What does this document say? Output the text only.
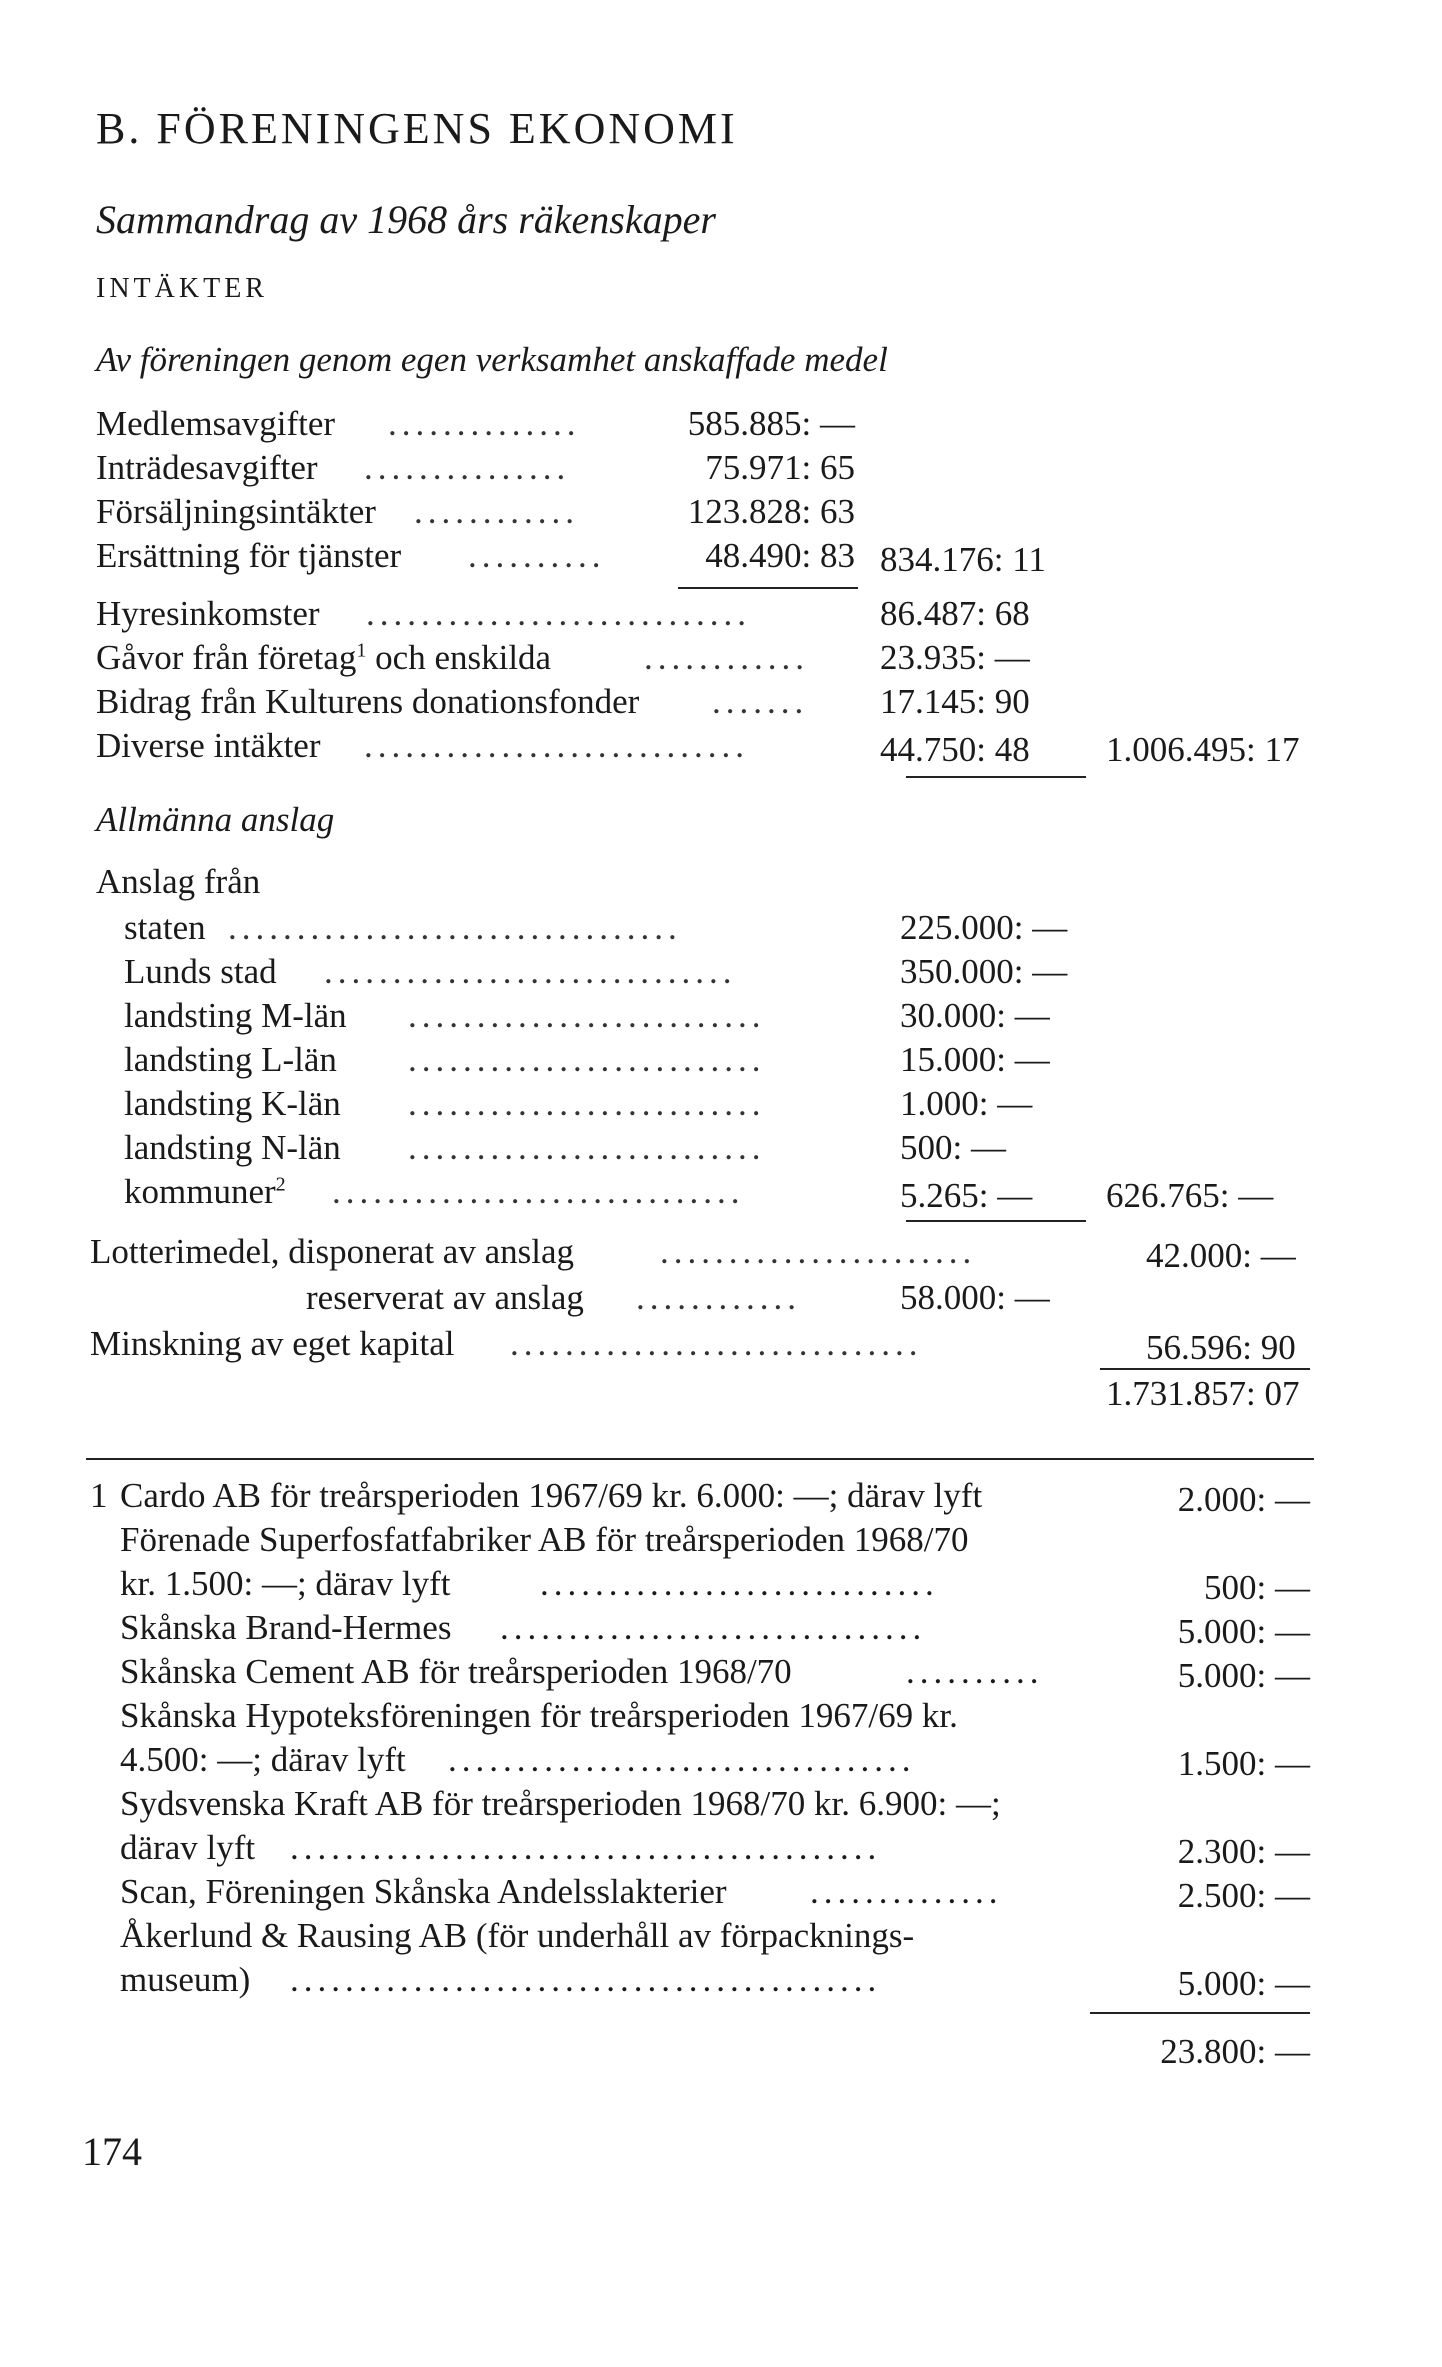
B. FÖRENINGENS EKONOMI
Sammandrag av 1968 års räkenskaper
INTÄKTER
Av föreningen genom egen verksamhet anskaffade medel
Medlemsavgifter ..............	585.885: —
Inträdesavgifter ...............	75.971: 65
Försäljningsintäkter ............	123.828: 63
Ersättning för tjänster ..........	48.490: 83 834.176: 11
Hyresinkomster ............................	86.487: 68
Gåvor från företag$^1$ och enskilda	............	23.935: —
Bidrag från Kulturens donationsfonder .......	17.145: 90
Diverse intäkter ............................	44.750: 48	1.006.495: 17
Allmänna anslag
Anslag från
staten .................................	225.000: —
Lunds stad ..............................	350.000: —
landsting M-län ..........................	30.000: —
landsting L-län ..........................	15.000: —
landsting K-län ..........................	1.000: —
landsting N-län ..........................	500: —
kommuner$^2$ ..............................	5.265: —	626.765: —
Lotterimedel, disponerat av anslag .......................	42.000: —
reserverat av anslag ............	58.000: —
Minskning av eget kapital ..............................	56.596: 90
1.731.857: 07
1 Cardo AB för treårsperioden 1967/69 kr. 6.000: —; därav lyft	2.000: —
Förenade Superfosfatfabriker AB för treårsperioden 1968/70
kr. 1.500: —; därav lyft	.............................	500: —
Skånska Brand-Hermes ...............................	5.000: —
Skånska Cement AB för treårsperioden 1968/70	..........	5.000: —
Skånska Hypoteksföreningen för treårsperioden 1967/69 kr.
4.500: —; därav lyft ..................................	1.500: —
Sydsvenska Kraft AB för treårsperioden 1968/70 kr. 6.900: —;
därav lyft ...........................................	2.300: —
Scan, Föreningen Skånska Andelsslakterier ..............	2.500: —
Åkerlund & Rausing AB (för underhåll av förpacknings-
museum) ...........................................	5.000: —
23.800: —
174
